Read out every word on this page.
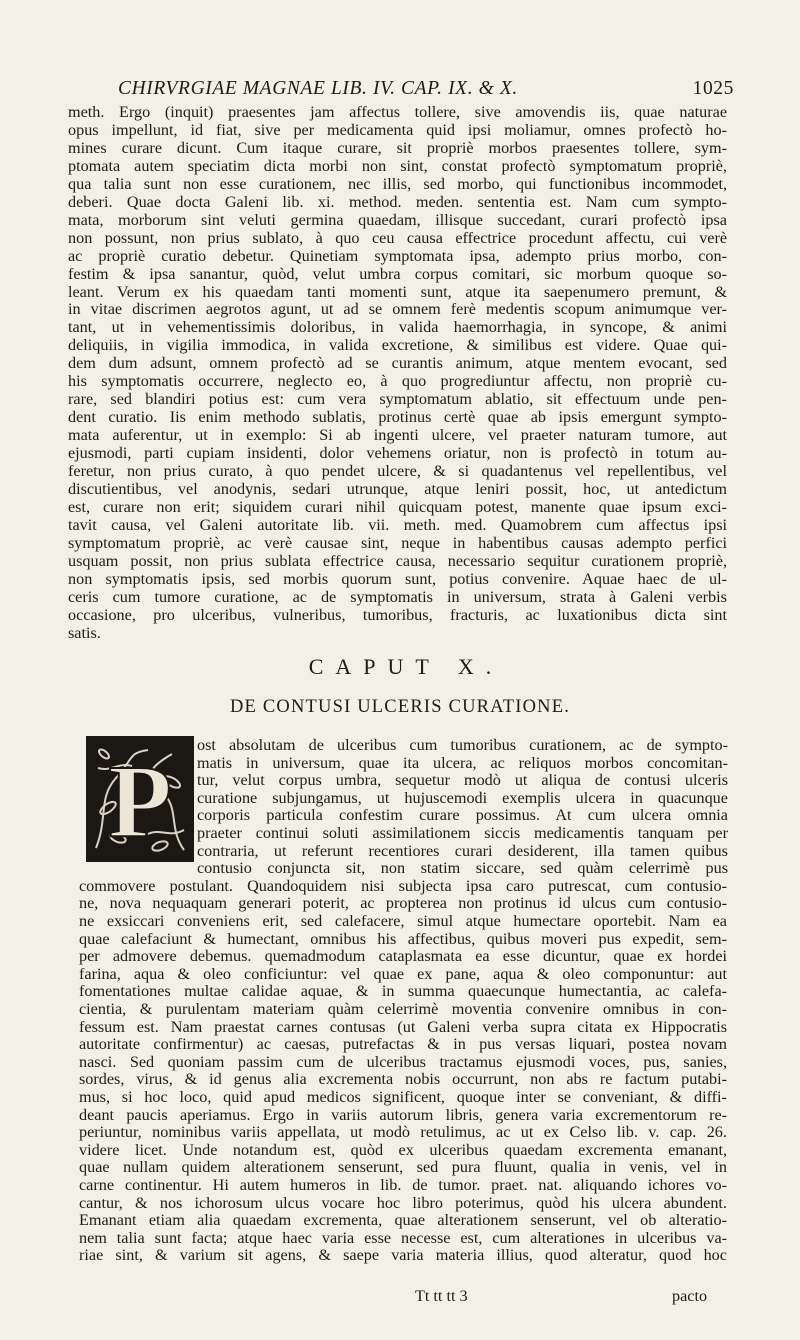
CHIRVRGIAE MAGNAE LIB. IV. CAP. IX. & X.	1025
meth. Ergo (inquit) praesentes jam affectus tollere, sive amovendis iis, quae naturae
opus impellunt, id fiat, sive per medicamenta quid ipsi moliamur, omnes profectò ho-
mines curare dicunt. Cum itaque curare, sit propriè morbos praesentes tollere, sym-
ptomata autem speciatim dicta morbi non sint, constat profectò symptomatum propriè,
qua talia sunt non esse curationem, nec illis, sed morbo, qui functionibus incommodet,
deberi. Quae docta Galeni lib. xi. method. meden. sententia est. Nam cum sympto-
mata, morborum sint veluti germina quaedam, illisque succedant, curari profectò ipsa
non possunt, non prius sublato, à quo ceu causa effectrice procedunt affectu, cui verè
ac propriè curatio debetur. Quinetiam symptomata ipsa, adempto prius morbo, con-
festim & ipsa sanantur, quòd, velut umbra corpus comitari, sic morbum quoque so-
leant. Verum ex his quaedam tanti momenti sunt, atque ita saepenumero premunt, &
in vitae discrimen aegrotos agunt, ut ad se omnem ferè medentis scopum animumque ver-
tant, ut in vehementissimis doloribus, in valida haemorrhagia, in syncope, & animi
deliquiis, in vigilia immodica, in valida excretione, & similibus est videre. Quae qui-
dem dum adsunt, omnem profectò ad se curantis animum, atque mentem evocant, sed
his symptomatis occurrere, neglecto eo, à quo progrediuntur affectu, non propriè cu-
rare, sed blandiri potius est: cum vera symptomatum ablatio, sit effectuum unde pen-
dent curatio. Iis enim methodo sublatis, protinus certè quae ab ipsis emergunt sympto-
mata auferentur, ut in exemplo: Si ab ingenti ulcere, vel praeter naturam tumore, aut
ejusmodi, parti cupiam insidenti, dolor vehemens oriatur, non is profectò in totum au-
feretur, non prius curato, à quo pendet ulcere, & si quadantenus vel repellentibus, vel
discutientibus, vel anodynis, sedari utrunque, atque leniri possit, hoc, ut antedictum
est, curare non erit; siquidem curari nihil quicquam potest, manente quae ipsum exci-
tavit causa, vel Galeni autoritate lib. vii. meth. med. Quamobrem cum affectus ipsi
symptomatum propriè, ac verè causae sint, neque in habentibus causas adempto perfici
usquam possit, non prius sublata effectrice causa, necessario sequitur curationem propriè,
non symptomatis ipsis, sed morbis quorum sunt, potius convenire. Aquae haec de ul-
ceris cum tumore curatione, ac de symptomatis in universum, strata à Galeni verbis
occasione, pro ulceribus, vulneribus, tumoribus, fracturis, ac luxationibus dicta sint
satis.
CAPUT X.
DE CONTUSI ULCERIS CURATIONE.
P ost absolutam de ulceribus cum tumoribus curationem, ac de sympto-
matis in universum, quae ita ulcera, ac reliquos morbos concomitan-
tur, velut corpus umbra, sequetur modò ut aliqua de contusi ulceris
curatione subjungamus, ut hujuscemodi exemplis ulcera in quacunque
corporis particula confestim curare possimus. At cum ulcera omnia
praeter continui soluti assimilationem siccis medicamentis tanquam per
contraria, ut referunt recentiores curari desiderent, illa tamen quibus
contusio conjuncta sit, non statim siccare, sed quàm celerrimè pus
commovere postulant. Quandoquidem nisi subjecta ipsa caro putrescat, cum contusio-
ne, nova nequaquam generari poterit, ac propterea non protinus id ulcus cum contusio-
ne exsiccari conveniens erit, sed calefacere, simul atque humectare oportebit. Nam ea
quae calefaciunt & humectant, omnibus his affectibus, quibus moveri pus expedit, sem-
per admovere debemus. quemadmodum cataplasmata ea esse dicuntur, quae ex hordei
farina, aqua & oleo conficiuntur: vel quae ex pane, aqua & oleo componuntur: aut
fomentationes multae calidae aquae, & in summa quaecunque humectantia, ac calefa-
cientia, & purulentam materiam quàm celerrimè moventia convenire omnibus in con-
fessum est. Nam praestat carnes contusas (ut Galeni verba supra citata ex Hippocratis
autoritate confirmentur) ac caesas, putrefactas & in pus versas liquari, postea novam
nasci. Sed quoniam passim cum de ulceribus tractamus ejusmodi voces, pus, sanies,
sordes, virus, & id genus alia excrementa nobis occurrunt, non abs re factum putabi-
mus, si hoc loco, quid apud medicos significent, quoque inter se conveniant, & diffi-
deant paucis aperiamus. Ergo in variis autorum libris, genera varia excrementorum re-
periuntur, nominibus variis appellata, ut modò retulimus, ac ut ex Celso lib. v. cap. 26.
videre licet. Unde notandum est, quòd ex ulceribus quaedam excrementa emanant,
quae nullam quidem alterationem senserunt, sed pura fluunt, qualia in venis, vel in
carne continentur. Hi autem humeros in lib. de tumor. praet. nat. aliquando ichores vo-
cantur, & nos ichorosum ulcus vocare hoc libro poterimus, quòd his ulcera abundent.
Emanant etiam alia quaedam excrementa, quae alterationem senserunt, vel ob alteratio-
nem talia sunt facta; atque haec varia esse necesse est, cum alterationes in ulceribus va-
riae sint, & varium sit agens, & saepe varia materia illius, quod alteratur, quod hoc
Tt tt tt 3	pacto
